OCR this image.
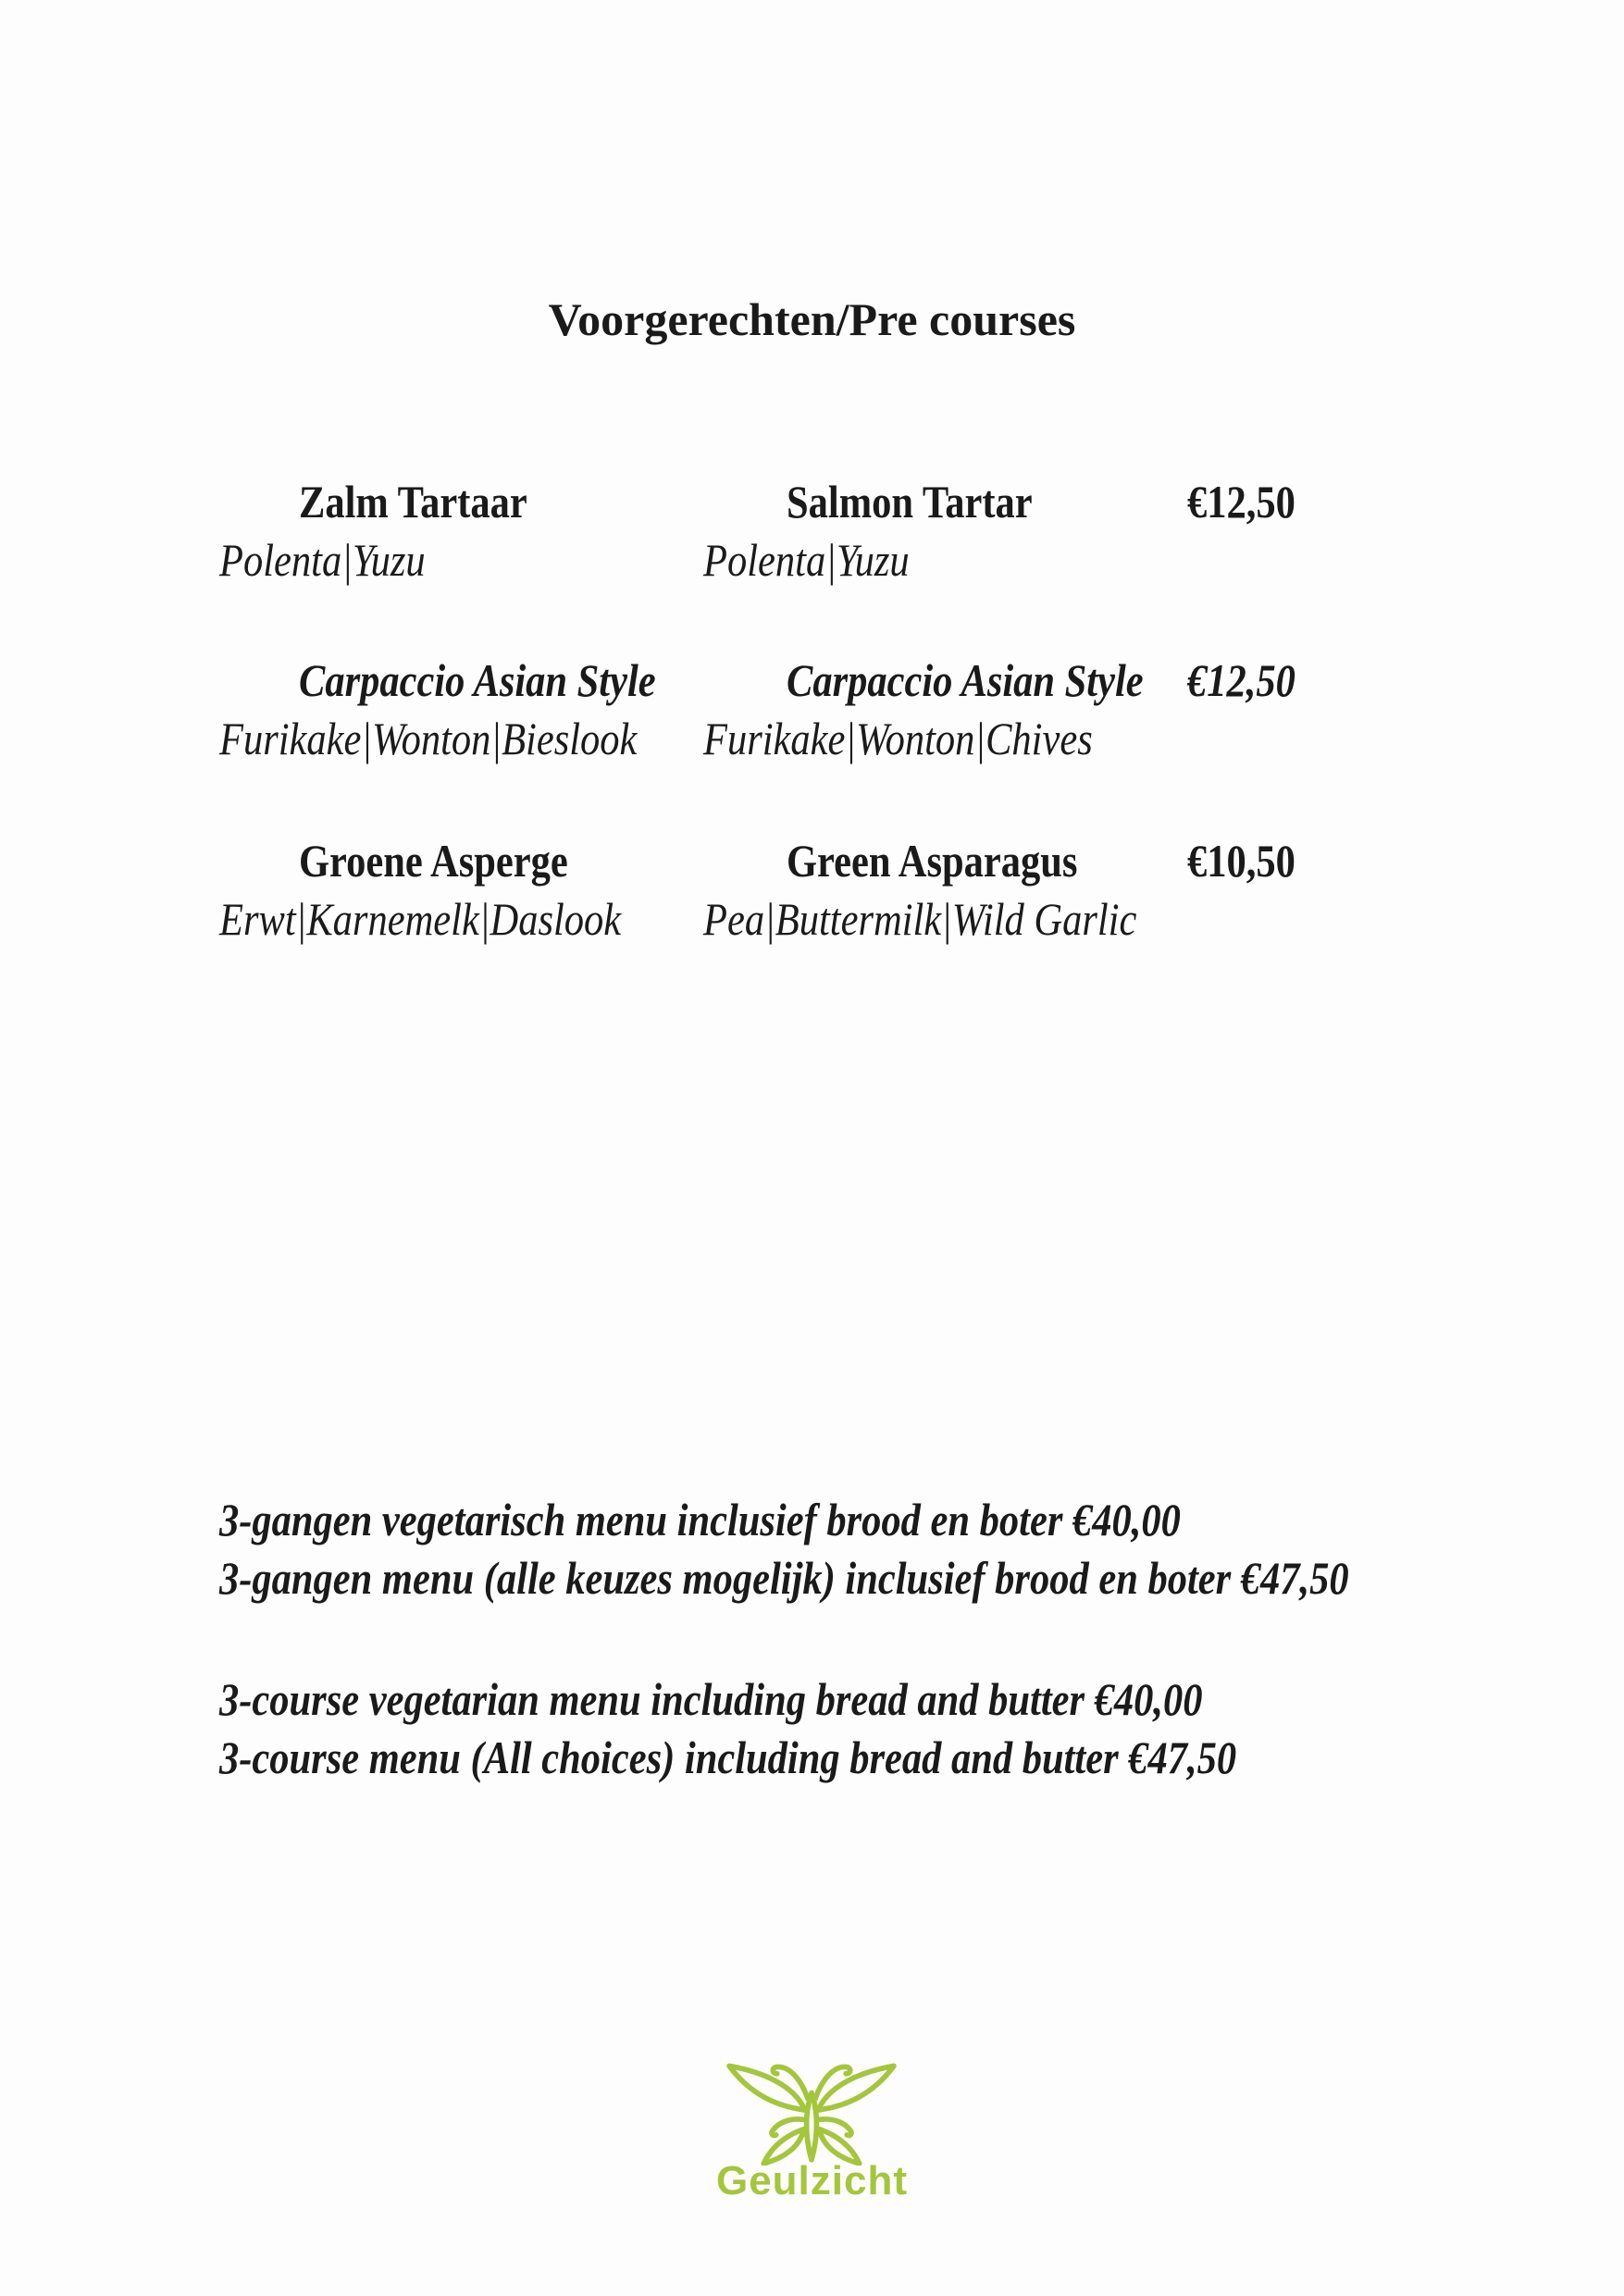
Voorgerechten/Pre courses
Zalm Tartaar	Salmon Tartar	€12,50
Polenta|Yuzu	Polenta|Yuzu
Carpaccio Asian Style	Carpaccio Asian Style €12,50
Furikake|Wonton|Bieslook	Furikake|Wonton|Chives
Groene Asperge	Green Asparagus	€10,50
Erwt|Karnemelk|Daslook	Pea|Buttermilk|Wild Garlic
3-gangen vegetarisch menu inclusief brood en boter €40,00
3-gangen menu (alle keuzes mogelijk) inclusief brood en boter €47,50
3-course vegetarian menu including bread and butter €40,00
3-course menu (All choices) including bread and butter €47,50
Geulzicht
